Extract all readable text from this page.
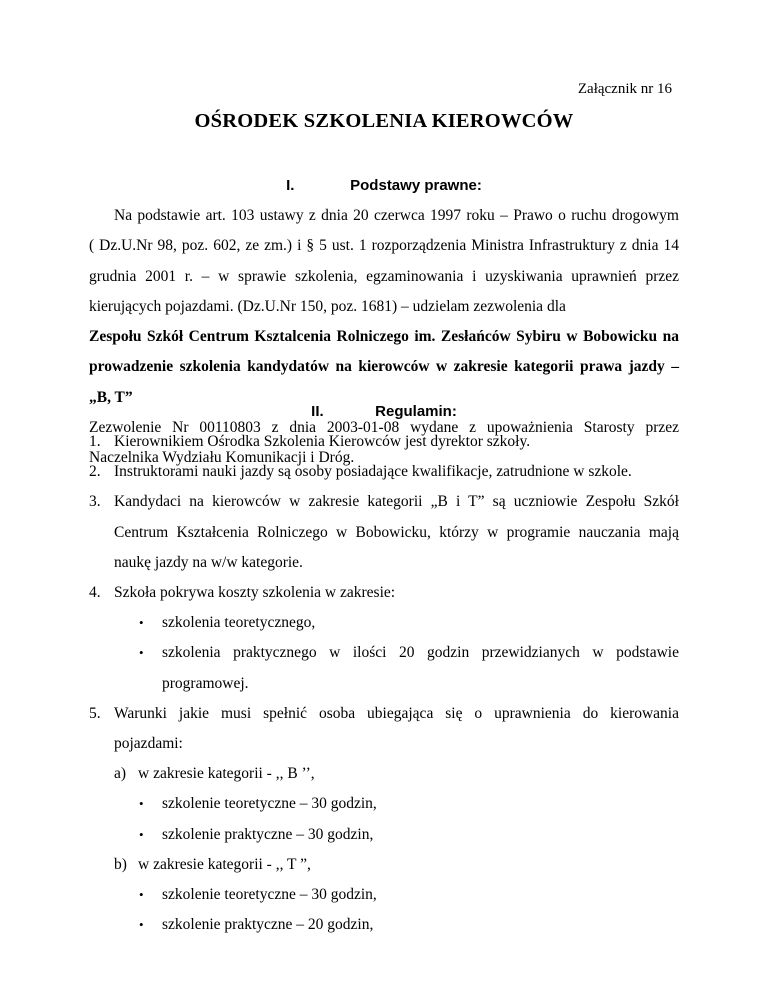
Załącznik nr 16
OŚRODEK SZKOLENIA KIEROWCÓW
I.	Podstawy prawne:
Na podstawie art. 103 ustawy z dnia 20 czerwca 1997 roku – Prawo o ruchu drogowym
( Dz.U.Nr 98, poz. 602, ze zm.) i § 5 ust. 1 rozporządzenia Ministra Infrastruktury z dnia 14
grudnia 2001 r. – w sprawie szkolenia, egzaminowania i uzyskiwania uprawnień przez
kierujących pojazdami. (Dz.U.Nr 150, poz. 1681) – udzielam zezwolenia dla
Zespołu Szkół Centrum Ksztalcenia Rolniczego im. Zesłańców Sybiru w Bobowicku na
prowadzenie szkolenia kandydatów na kierowców w zakresie kategorii prawa jazdy –
„B, T”
Zezwolenie Nr 00110803 z dnia 2003-01-08 wydane z upoważnienia Starosty przez
Naczelnika Wydziału Komunikacji i Dróg.
II.	Regulamin:
1. Kierownikiem Ośrodka Szkolenia Kierowców jest dyrektor szkoły.
2. Instruktorami nauki jazdy są osoby posiadające kwalifikacje, zatrudnione w szkole.
3. Kandydaci na kierowców w zakresie kategorii „B i T” są uczniowie Zespołu Szkół
Centrum Kształcenia Rolniczego w Bobowicku, którzy w programie nauczania mają
naukę jazdy na w/w kategorie.
4. Szkoła pokrywa koszty szkolenia w zakresie:
• szkolenia teoretycznego,
• szkolenia praktycznego w ilości 20 godzin przewidzianych w podstawie
programowej.
5. Warunki jakie musi spełnić osoba ubiegająca się o uprawnienia do kierowania
pojazdami:
a) w zakresie kategorii - ,, B ’’,
• szkolenie teoretyczne – 30 godzin,
• szkolenie praktyczne – 30 godzin,
b) w zakresie kategorii - ,, T ”,
• szkolenie teoretyczne – 30 godzin,
• szkolenie praktyczne – 20 godzin,
